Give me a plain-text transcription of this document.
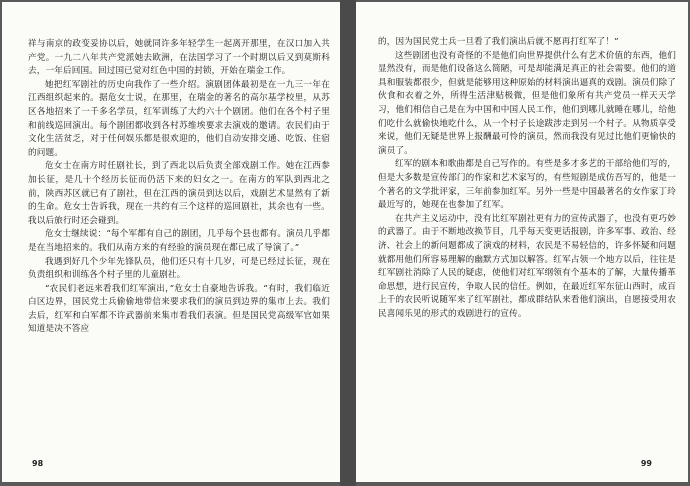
祥与南京的政变妥协以后，她就同许多年轻学生一起离开那里，在汉口加入共产党。一九二八年共产党派她去欧洲，在法国学习了一个时期以后又到莫斯科去，一年后回国。回过国已觉对红色中国的封锁，开始在瑞金工作。

她把红军剧社的历史向我作了一些介绍。演剧团体最初是在一九三一年在江西组织起来的。据危女士说，在那里，在瑞金的著名的高尔基学校里，从苏区各地招来了一千多名学员，红军训练了大约六十个剧团。他们在各个村子里和前线巡回演出。每个剧团都收到各村苏维埃要求去演戏的邀请。农民们由于文化生活贫乏，对于任何娱乐都是很欢迎的，他们自动安排交通、吃饭、住宿的问题。

危女士在南方时任剧社长，到了西北以后负责全部戏剧工作。她在江西参加长征，是几十个经历长征而仍活下来的妇女之一。在南方的军队到西北之前，陕西苏区就已有了剧社，但在江西的演员到达以后，戏剧艺术显然有了新的生命。危女士告诉我，现在一共约有三个这样的巡回剧社，其余也有一些。我以后旅行时还会碰到。

危女士继续说：“每个军都有自己的剧团，几乎每个县也都有。演员几乎都是在当地招来的。我们从南方来的有经验的演员现在都已成了导演了。”

我遇到好几个少年先锋队员，他们还只有十几岁，可是已经过长征，现在负责组织和训练各个村子里的儿童剧社。

“农民们老远来看我们红军演出，”危女士自豪地告诉我。“有时，我们临近白区边界，国民党士兵偷偷地带信来要求我们的演员到边界的集市上去。我们去后，红军和白军都不许武器前来集市看我们表演。但是国民党高级军官如果知道是决不答应

98

的，因为国民党士兵一旦看了我们演出后就不愿再打红军了！”

这些剧团也没有奇怪的不是他们向世界提供什么有艺术价值的东西，他们显然没有，而是他们设备这么简陋，可是却能满足真正的社会需要。他们的道具和服装都很少，但就是能够用这种原始的材料演出逼真的戏剧。演员们除了伙食和衣着之外，所得生活津贴极微，但是他们象所有共产党员一样天天学习，他们相信自己是在为中国和中国人民工作，他们到哪儿就睡在哪儿，给他们吃什么就偷快地吃什么，从一个村子长途跋涉走到另一个村子。从物质享受来说，他们无疑是世界上报酬最可怜的演员，然而我没有见过比他们更愉快的演员了。

红军的剧本和歌曲都是自己写作的。有些是多才多艺的干部给他们写的，但是大多数是宣传部门的作家和艺术家写的，有些短剧是成仿吾写的，他是一个著名的文学批评家，三年前参加红军。另外一些是中国最著名的女作家丁玲最近写的，她现在也参加了红军。

在共产主义运动中，没有比红军剧社更有力的宣传武器了，也没有更巧妙的武器了。由于不断地改换节目，几乎每天变更话报剧，许多军事、政治、经济、社会上的新问题都成了演戏的材料，农民是不易轻信的，许多怀疑和问题就都用他们所容易理解的幽默方式加以解答。红军占领一个地方以后，往往是红军剧社消除了人民的疑虑，使他们对红军纲领有个基本的了解，大量传播革命思想，进行民宣传，争取人民的信任。例如，在最近红军东征山西时，成百上千的农民听说随军来了红军剧社，都成群结队来看他们演出，自愿接受用农民喜闻乐见的形式的戏剧进行的宣传。

99
